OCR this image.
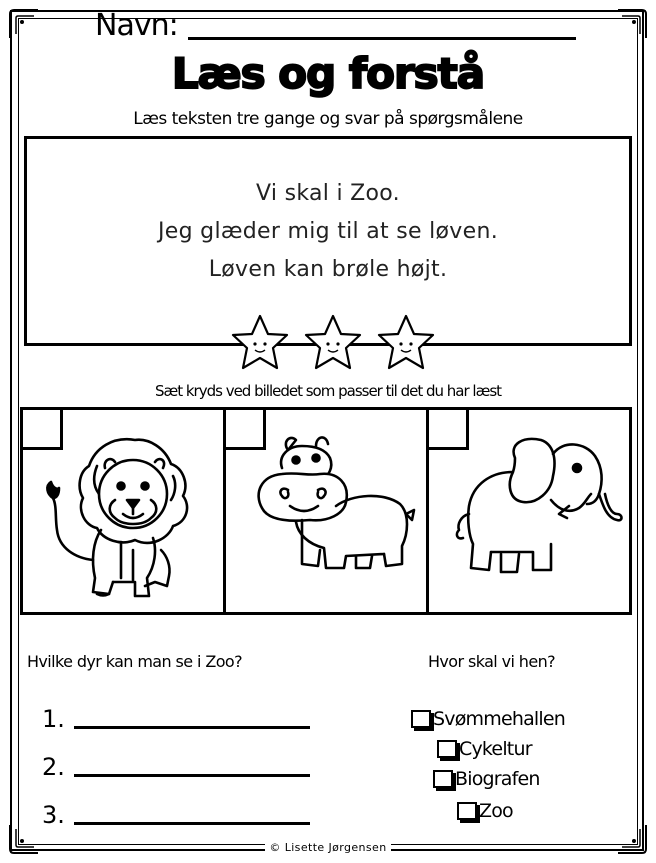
Navn:
Læs og forstå
Læs teksten tre gange og svar på spørgsmålene
Vi skal i Zoo.
Jeg glæder mig til at se løven.
Løven kan brøle højt.
Sæt kryds ved billedet som passer til det du har læst
Hvilke dyr kan man se i Zoo?
1.
2.
3.
Hvor skal vi hen?
Svømmehallen
Cykeltur
Biografen
Zoo
© Lisette Jørgensen
